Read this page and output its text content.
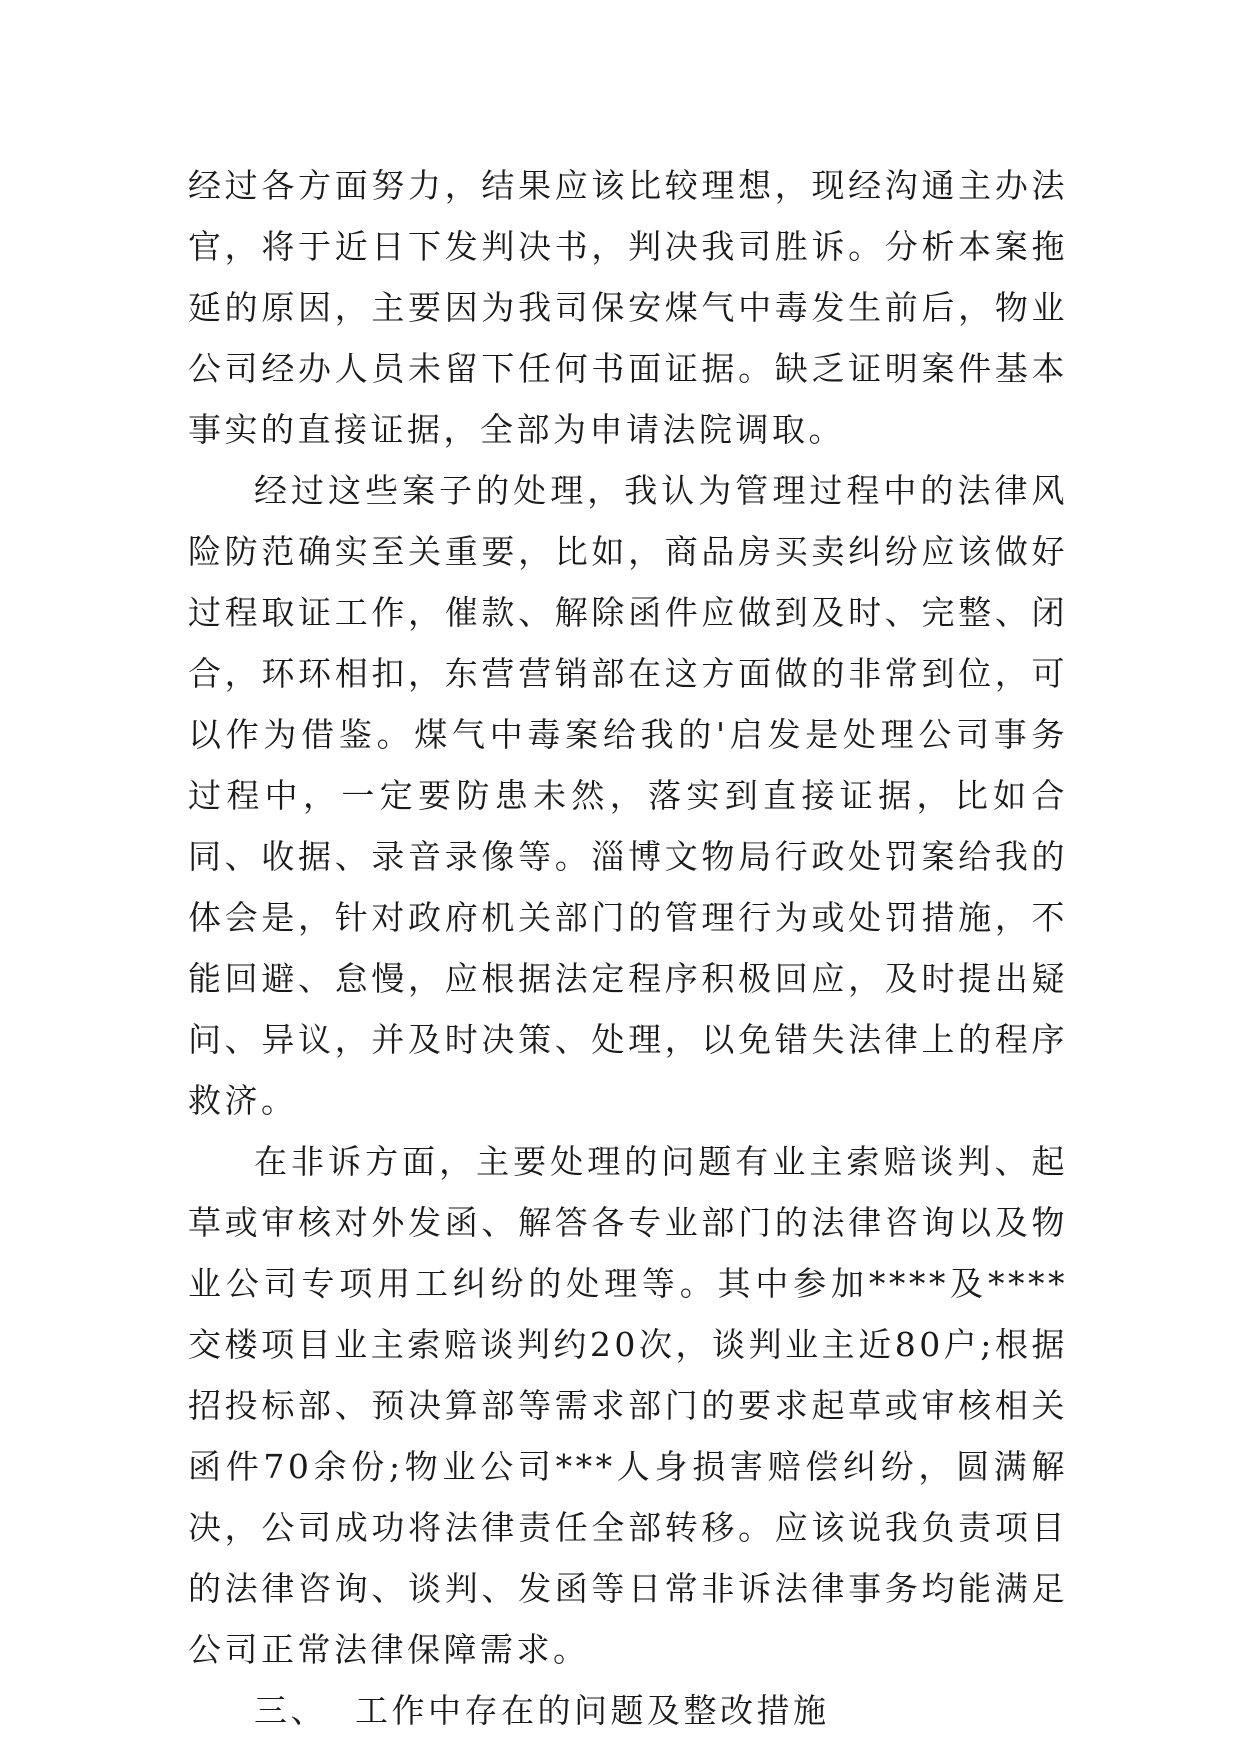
经过各方面努力，结果应该比较理想，现经沟通主办法官，将于近日下发判决书，判决我司胜诉。分析本案拖延的原因，主要因为我司保安煤气中毒发生前后，物业公司经办人员未留下任何书面证据。缺乏证明案件基本事实的直接证据，全部为申请法院调取。

经过这些案子的处理，我认为管理过程中的法律风险防范确实至关重要，比如，商品房买卖纠纷应该做好过程取证工作，催款、解除函件应做到及时、完整、闭合，环环相扣，东营营销部在这方面做的非常到位，可以作为借鉴。煤气中毒案给我的'启发是处理公司事务过程中，一定要防患未然，落实到直接证据，比如合同、收据、录音录像等。淄博文物局行政处罚案给我的体会是，针对政府机关部门的管理行为或处罚措施，不能回避、怠慢，应根据法定程序积极回应，及时提出疑问、异议，并及时决策、处理，以免错失法律上的程序救济。

在非诉方面，主要处理的问题有业主索赔谈判、起草或审核对外发函、解答各专业部门的法律咨询以及物业公司专项用工纠纷的处理等。其中参加****及****交楼项目业主索赔谈判约20次，谈判业主近80户;根据招投标部、预决算部等需求部门的要求起草或审核相关函件70余份;物业公司***人身损害赔偿纠纷，圆满解决，公司成功将法律责任全部转移。应该说我负责项目的法律咨询、谈判、发函等日常非诉法律事务均能满足公司正常法律保障需求。

三、  工作中存在的问题及整改措施
